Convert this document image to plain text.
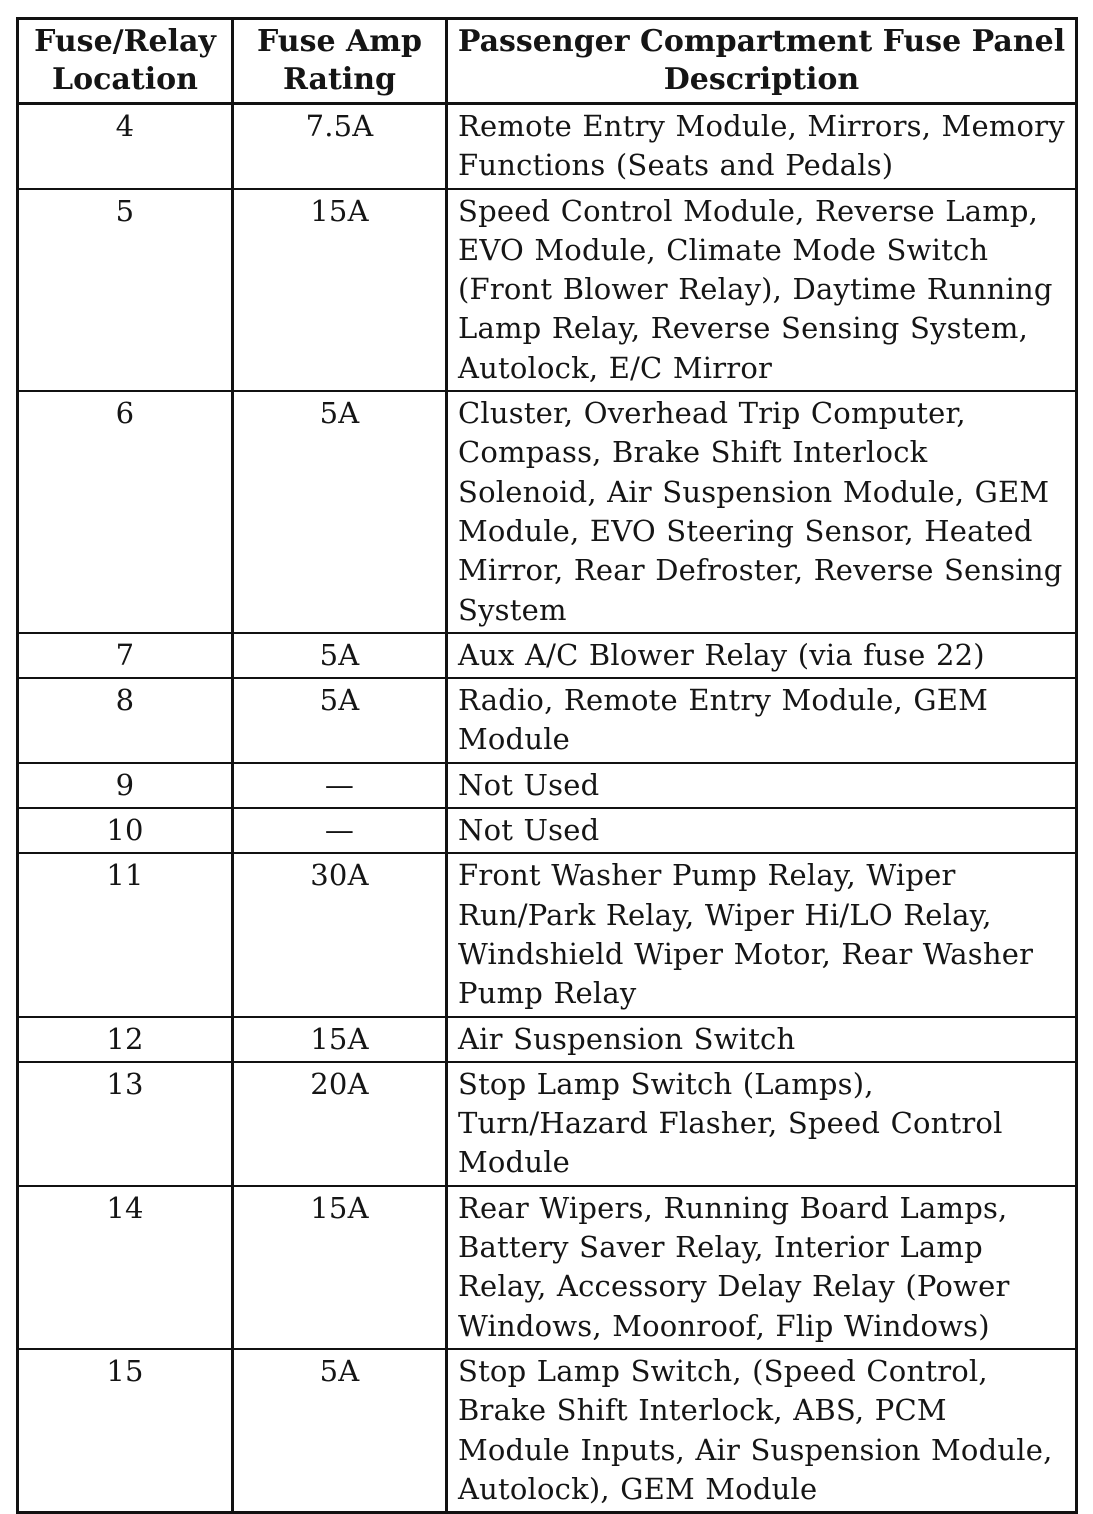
Fuse/Relay Location	Fuse Amp Rating	Passenger Compartment Fuse Panel Description
4	7.5A	Remote Entry Module, Mirrors, Memory Functions (Seats and Pedals)
5	15A	Speed Control Module, Reverse Lamp, EVO Module, Climate Mode Switch (Front Blower Relay), Daytime Running Lamp Relay, Reverse Sensing System, Autolock, E/C Mirror
6	5A	Cluster, Overhead Trip Computer, Compass, Brake Shift Interlock Solenoid, Air Suspension Module, GEM Module, EVO Steering Sensor, Heated Mirror, Rear Defroster, Reverse Sensing System
7	5A	Aux A/C Blower Relay (via fuse 22)
8	5A	Radio, Remote Entry Module, GEM Module
9	—	Not Used
10	—	Not Used
11	30A	Front Washer Pump Relay, Wiper Run/Park Relay, Wiper Hi/LO Relay, Windshield Wiper Motor, Rear Washer Pump Relay
12	15A	Air Suspension Switch
13	20A	Stop Lamp Switch (Lamps), Turn/Hazard Flasher, Speed Control Module
14	15A	Rear Wipers, Running Board Lamps, Battery Saver Relay, Interior Lamp Relay, Accessory Delay Relay (Power Windows, Moonroof, Flip Windows)
15	5A	Stop Lamp Switch, (Speed Control, Brake Shift Interlock, ABS, PCM Module Inputs, Air Suspension Module, Autolock), GEM Module
